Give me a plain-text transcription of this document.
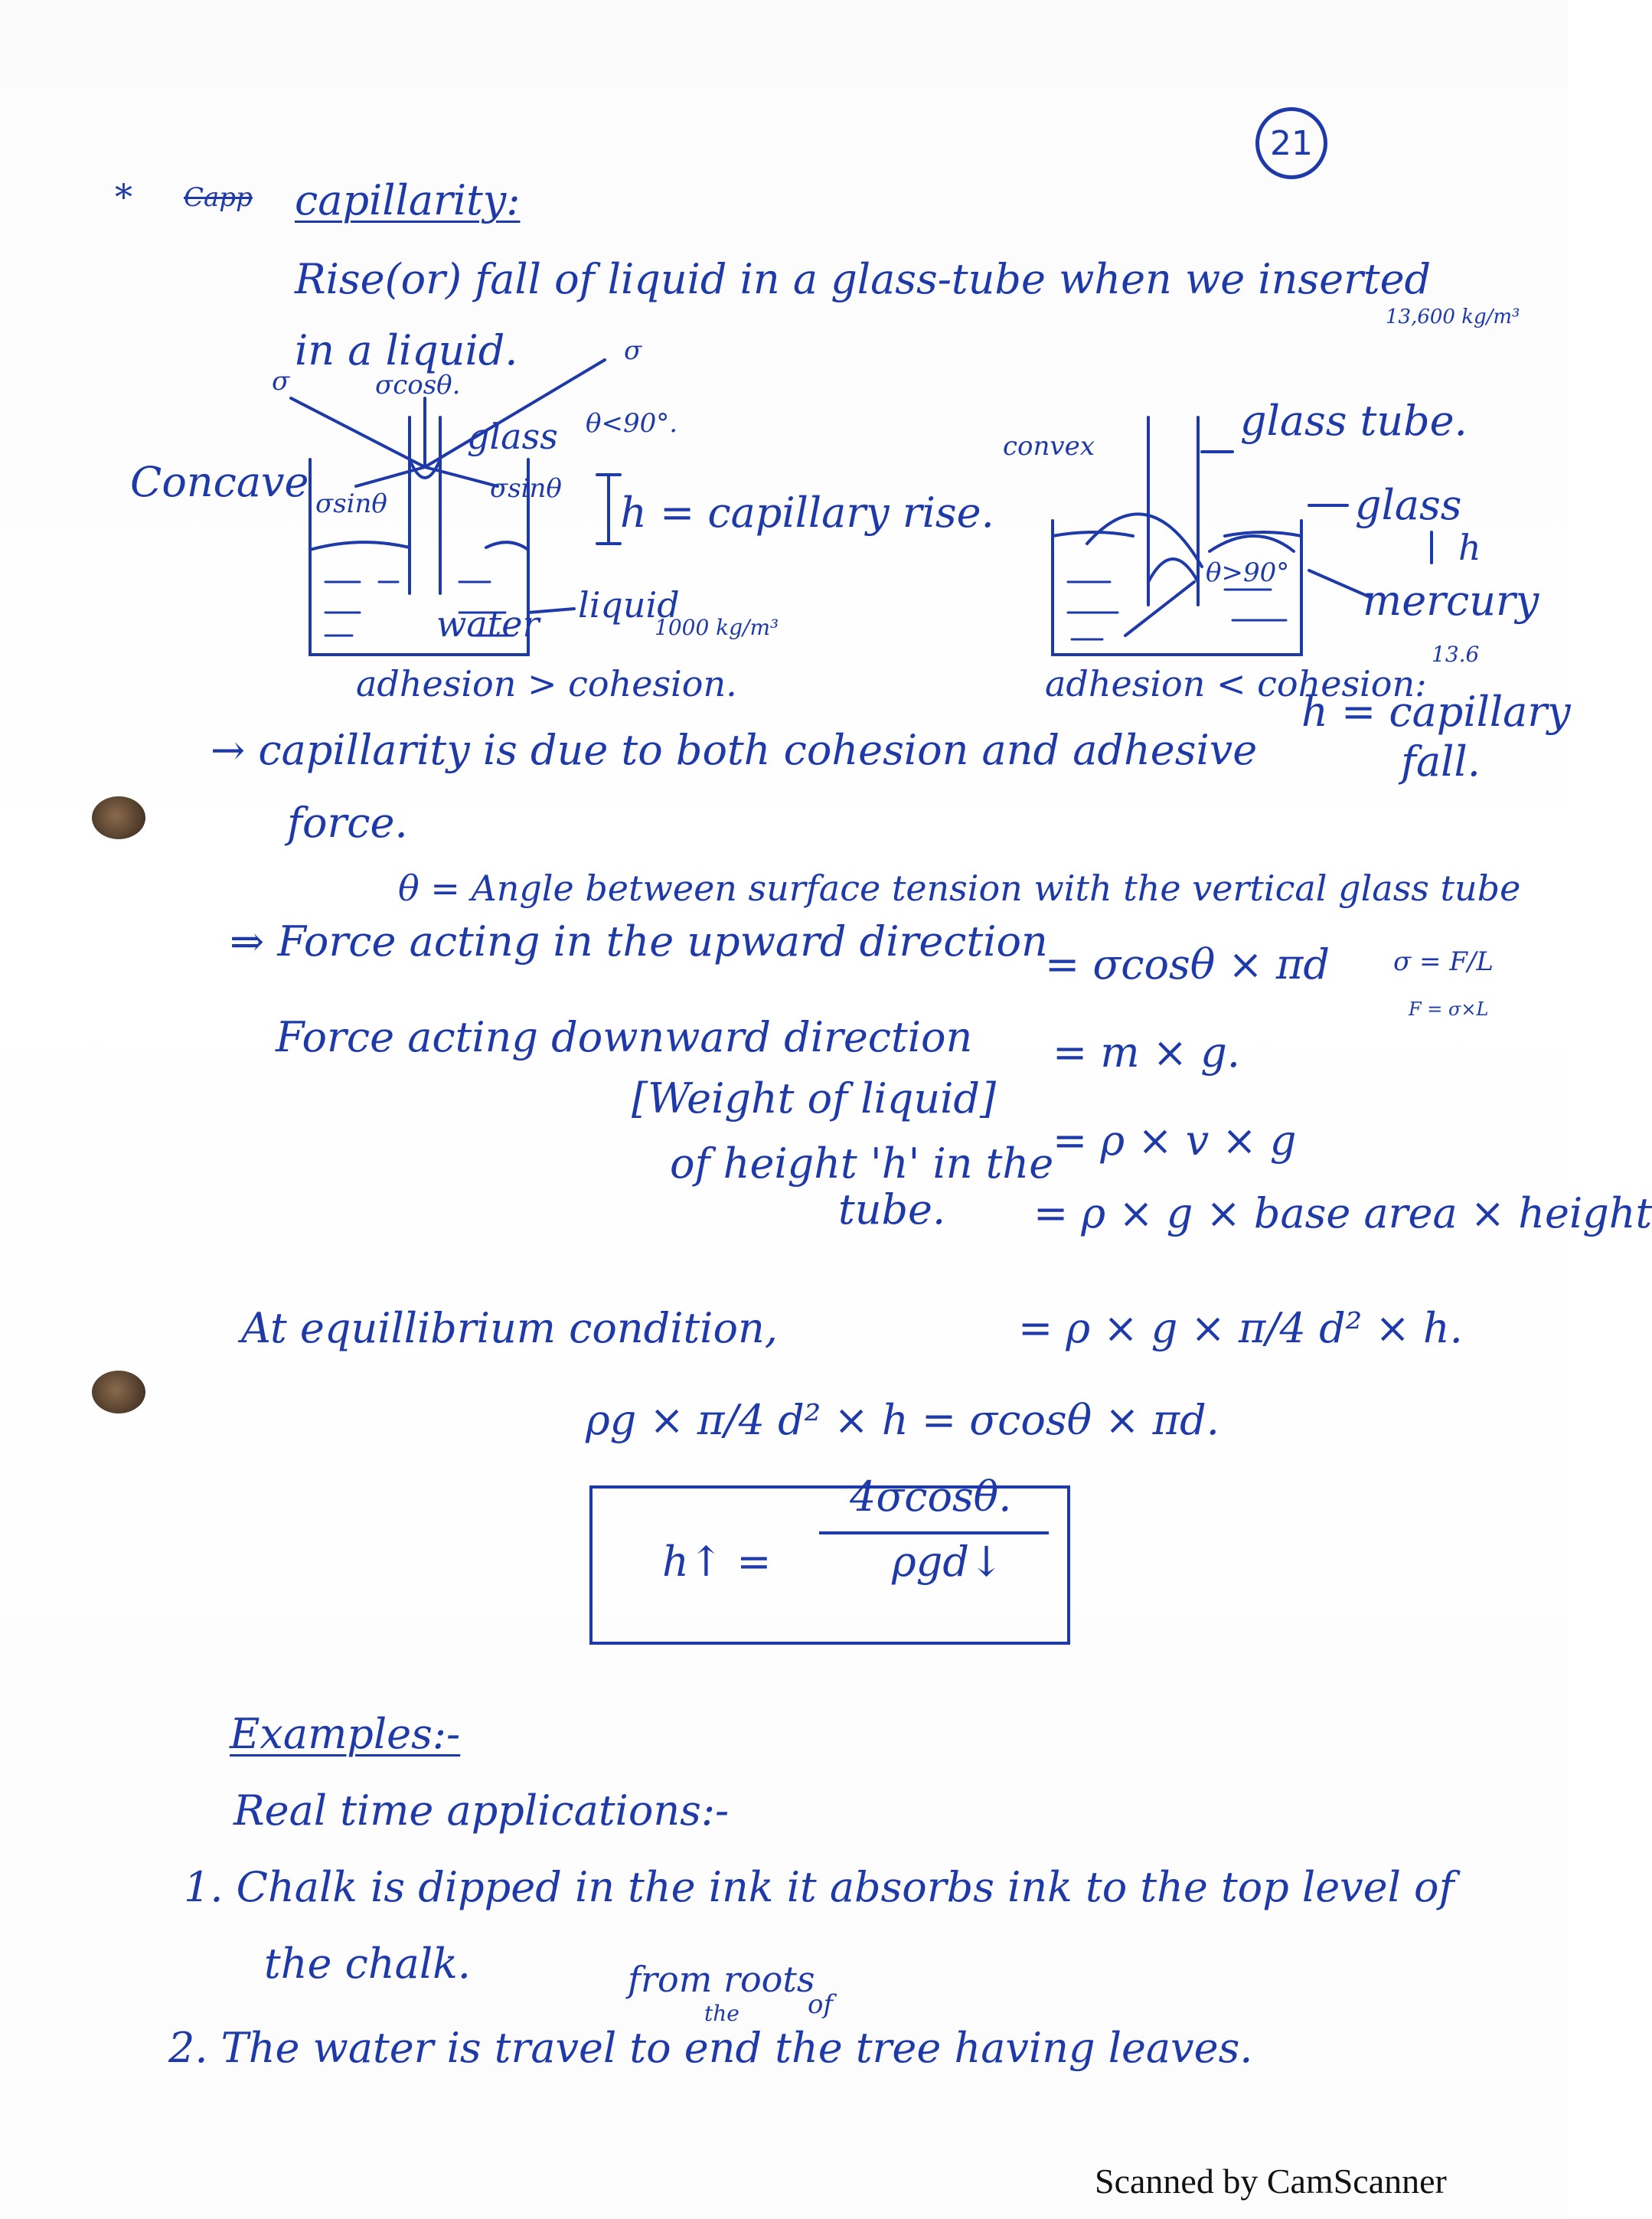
21
* Capp capillarity:
Rise(or) fall of liquid in a glass-tube when we inserted
in a liquid.
σ
σ
σcosθ.
glass θ<90°.
Concave σsinθ	σsinθ h = capillary rise.
water liquid
1000 kg/m³
adhesion > cohesion.
13,600 kg/m³
convex
glass tube.
glass
h
θ>90°
mercury
13.6
adhesion < cohesion:
h = capillary
fall.
→ capillarity is due to both cohesion and adhesive
force.
θ = Angle between surface tension with the vertical glass tube
σ = F/L
F = σ×L
⇒ Force acting in the upward direction
= σcosθ × πd
Force acting downward direction = m × g.
[Weight of liquid]
of height 'h' in the
tube.
= ρ × v × g
= ρ × g × base area × height
At equillibrium condition,	= ρ × g × π/4 d² × h.
ρg × π/4 d² × h = σcosθ × πd.
h↑ =
4σcosθ.
ρgd↓
Examples:-
Real time applications:-
1. Chalk is dipped in the ink it absorbs ink to the top level of
the chalk.	from roots
the	of
2. The water is travel to end the tree having leaves.
Scanned by CamScanner
